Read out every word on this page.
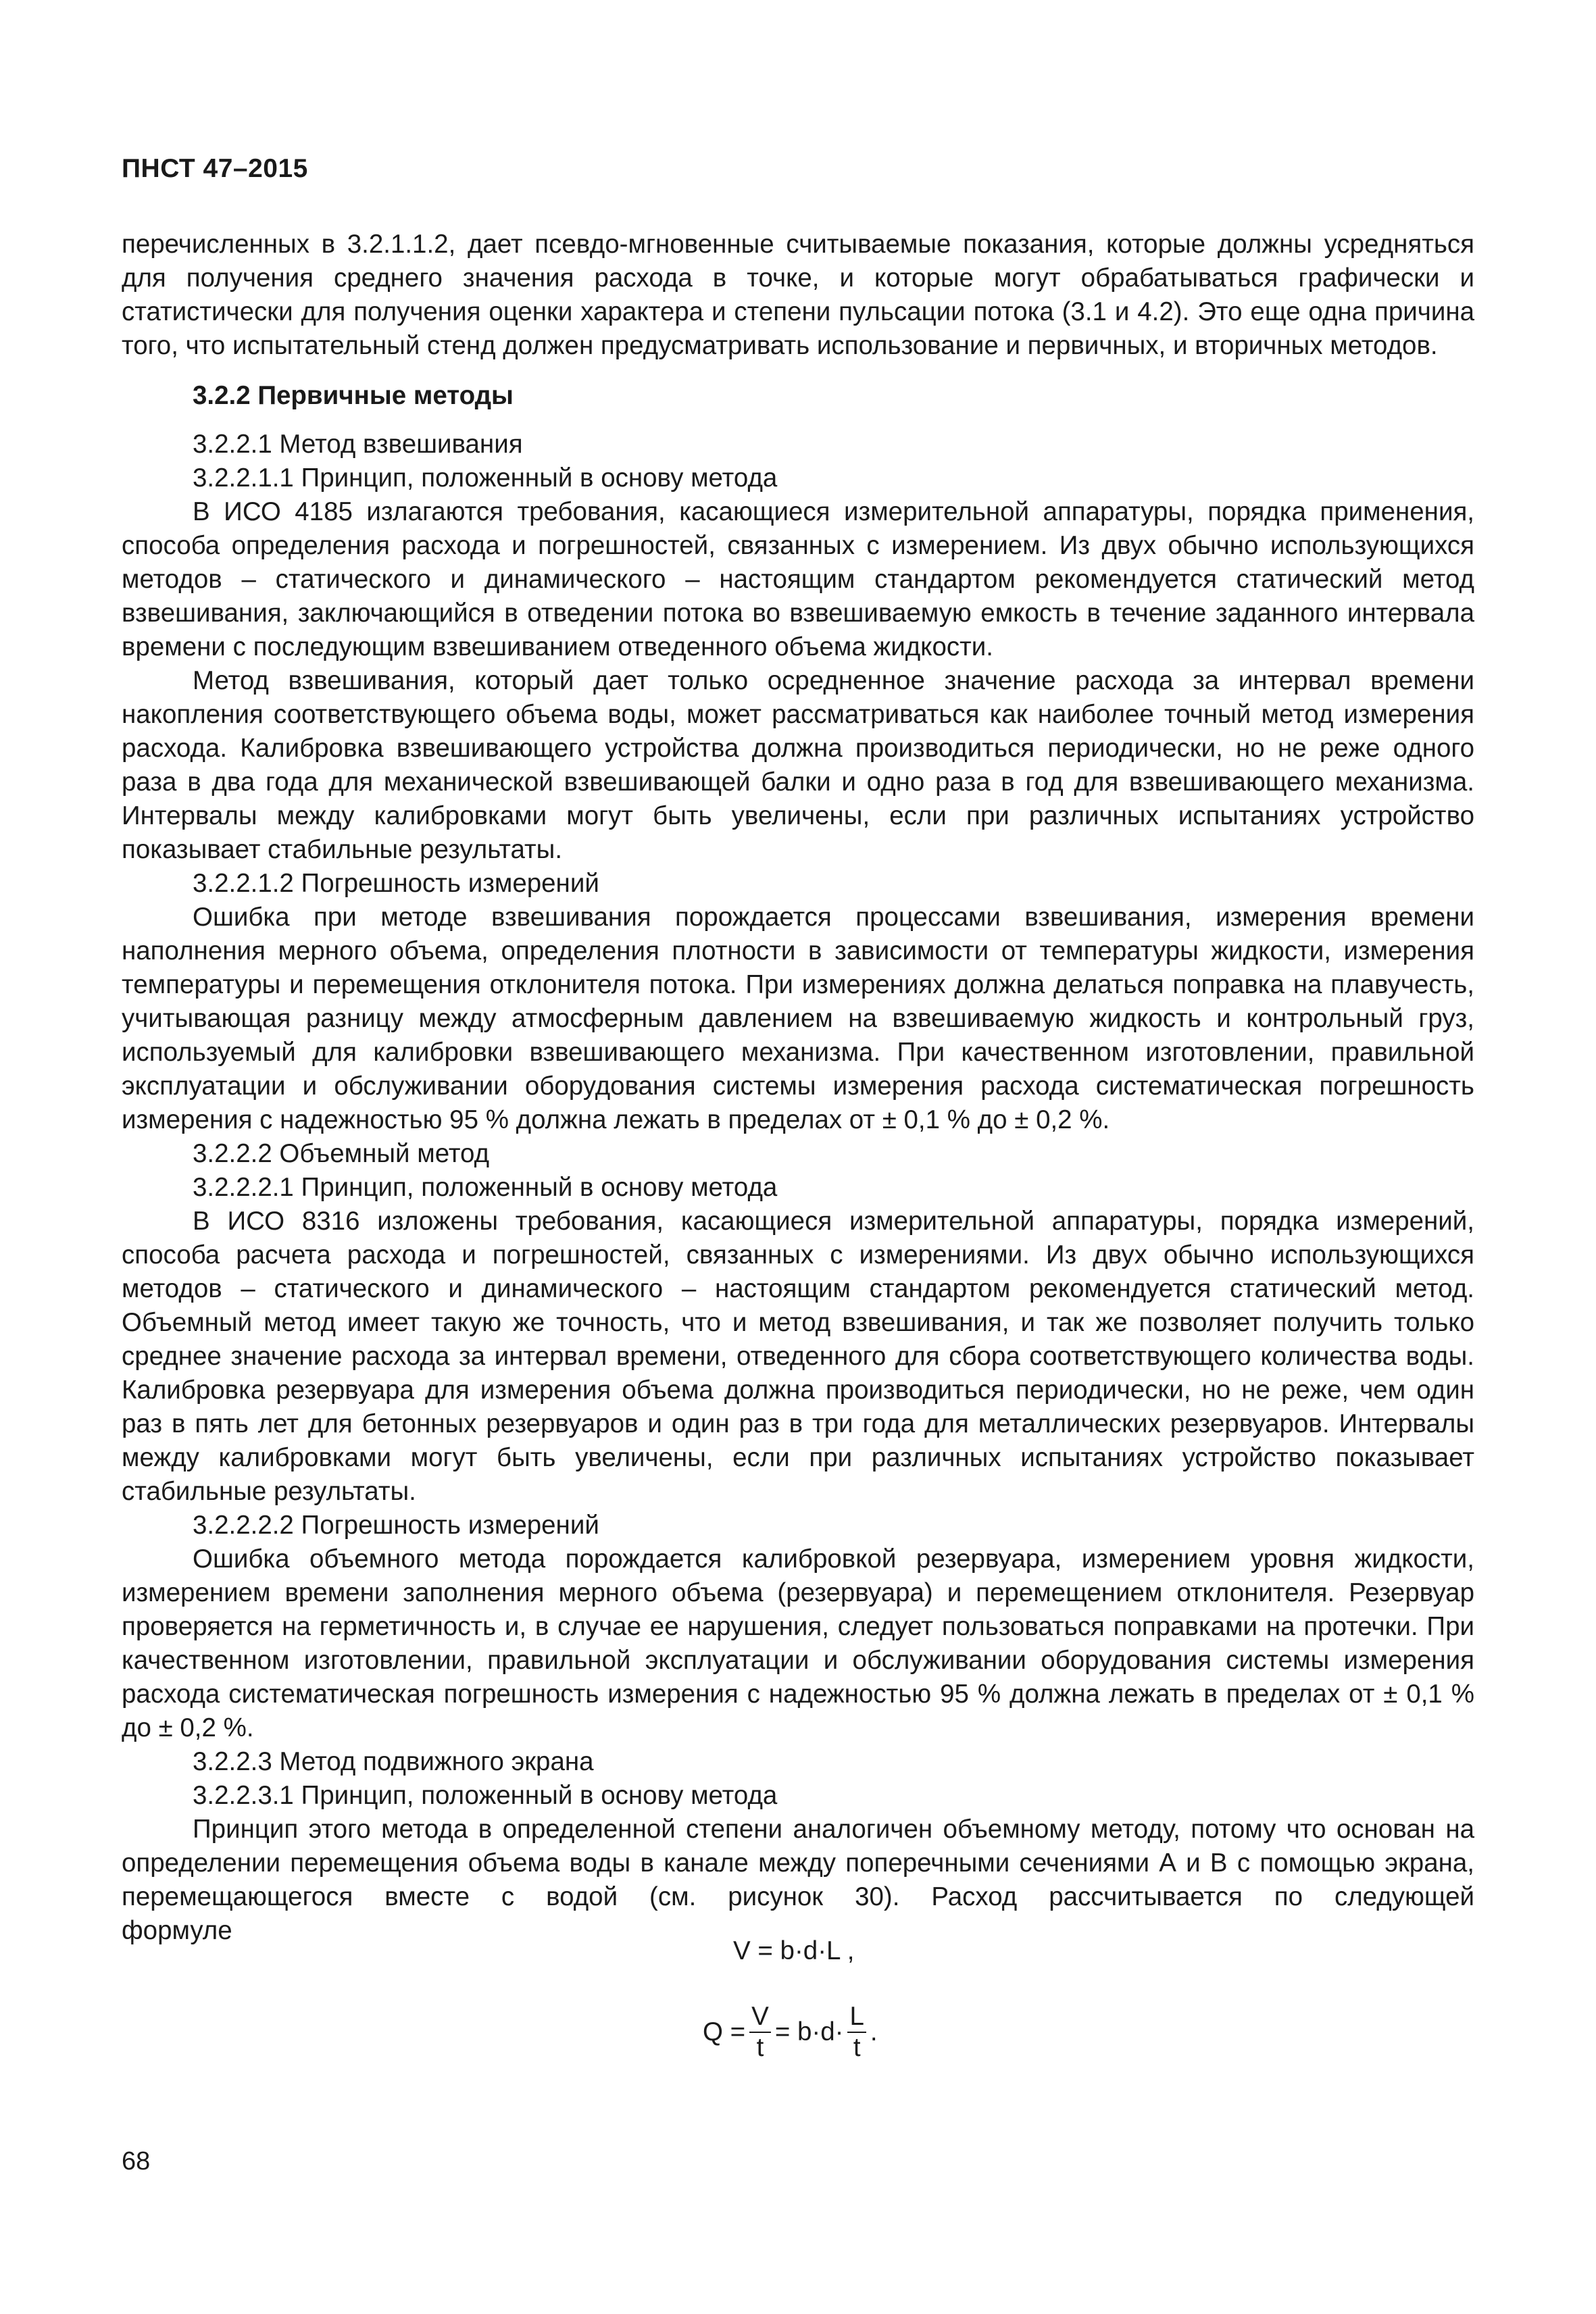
ПНСТ 47–2015

перечисленных в 3.2.1.1.2, дает псевдо-мгновенные считываемые показания, которые должны усредняться для получения среднего значения расхода в точке, и которые могут обрабатываться графически и статистически для получения оценки характера и степени пульсации потока (3.1 и 4.2). Это еще одна причина того, что испытательный стенд должен предусматривать использование и первичных, и вторичных методов.

3.2.2 Первичные методы

3.2.2.1 Метод взвешивания

3.2.2.1.1 Принцип, положенный в основу метода

В ИСО 4185 излагаются требования, касающиеся измерительной аппаратуры, порядка применения, способа определения расхода и погрешностей, связанных с измерением. Из двух обычно использующихся методов – статического и динамического – настоящим стандартом рекомендуется статический метод взвешивания, заключающийся в отведении потока во взвешиваемую емкость в течение заданного интервала времени с последующим взвешиванием отведенного объема жидкости.

Метод взвешивания, который дает только осредненное значение расхода за интервал времени накопления соответствующего объема воды, может рассматриваться как наиболее точный метод измерения расхода. Калибровка взвешивающего устройства должна производиться периодически, но не реже одного раза в два года для механической взвешивающей балки и одно раза в год для взвешивающего механизма. Интервалы между калибровками могут быть увеличены, если при различных испытаниях устройство показывает стабильные результаты.

3.2.2.1.2 Погрешность измерений

Ошибка при методе взвешивания порождается процессами взвешивания, измерения времени наполнения мерного объема, определения плотности в зависимости от температуры жидкости, измерения температуры и перемещения отклонителя потока. При измерениях должна делаться поправка на плавучесть, учитывающая разницу между атмосферным давлением на взвешиваемую жидкость и контрольный груз, используемый для калибровки взвешивающего механизма. При качественном изготовлении, правильной эксплуатации и обслуживании оборудования системы измерения расхода систематическая погрешность измерения с надежностью 95 % должна лежать в пределах от ± 0,1 % до ± 0,2 %.

3.2.2.2 Объемный метод

3.2.2.2.1 Принцип, положенный в основу метода

В ИСО 8316 изложены требования, касающиеся измерительной аппаратуры, порядка измерений, способа расчета расхода и погрешностей, связанных с измерениями. Из двух обычно использующихся методов – статического и динамического – настоящим стандартом рекомендуется статический метод. Объемный метод имеет такую же точность, что и метод взвешивания, и так же позволяет получить только среднее значение расхода за интервал времени, отведенного для сбора соответствующего количества воды. Калибровка резервуара для измерения объема должна производиться периодически, но не реже, чем один раз в пять лет для бетонных резервуаров и один раз в три года для металлических резервуаров. Интервалы между калибровками могут быть увеличены, если при различных испытаниях устройство показывает стабильные результаты.

3.2.2.2.2 Погрешность измерений

Ошибка объемного метода порождается калибровкой резервуара, измерением уровня жидкости, измерением времени заполнения мерного объема (резервуара) и перемещением отклонителя. Резервуар проверяется на герметичность и, в случае ее нарушения, следует пользоваться поправками на протечки. При качественном изготовлении, правильной эксплуатации и обслуживании оборудования системы измерения расхода систематическая погрешность измерения с надежностью 95 % должна лежать в пределах от ± 0,1 % до ± 0,2 %.

3.2.2.3 Метод подвижного экрана

3.2.2.3.1 Принцип, положенный в основу метода

Принцип этого метода в определенной степени аналогичен объемному методу, потому что основан на определении перемещения объема воды в канале между поперечными сечениями А и В с помощью экрана, перемещающегося вместе с водой (см. рисунок 30). Расход рассчитывается по следующей

формуле
V = b·d·L ,
$Q = \frac{V}{t} = b\cdot d\cdot \frac{L}{t}$ .
68
